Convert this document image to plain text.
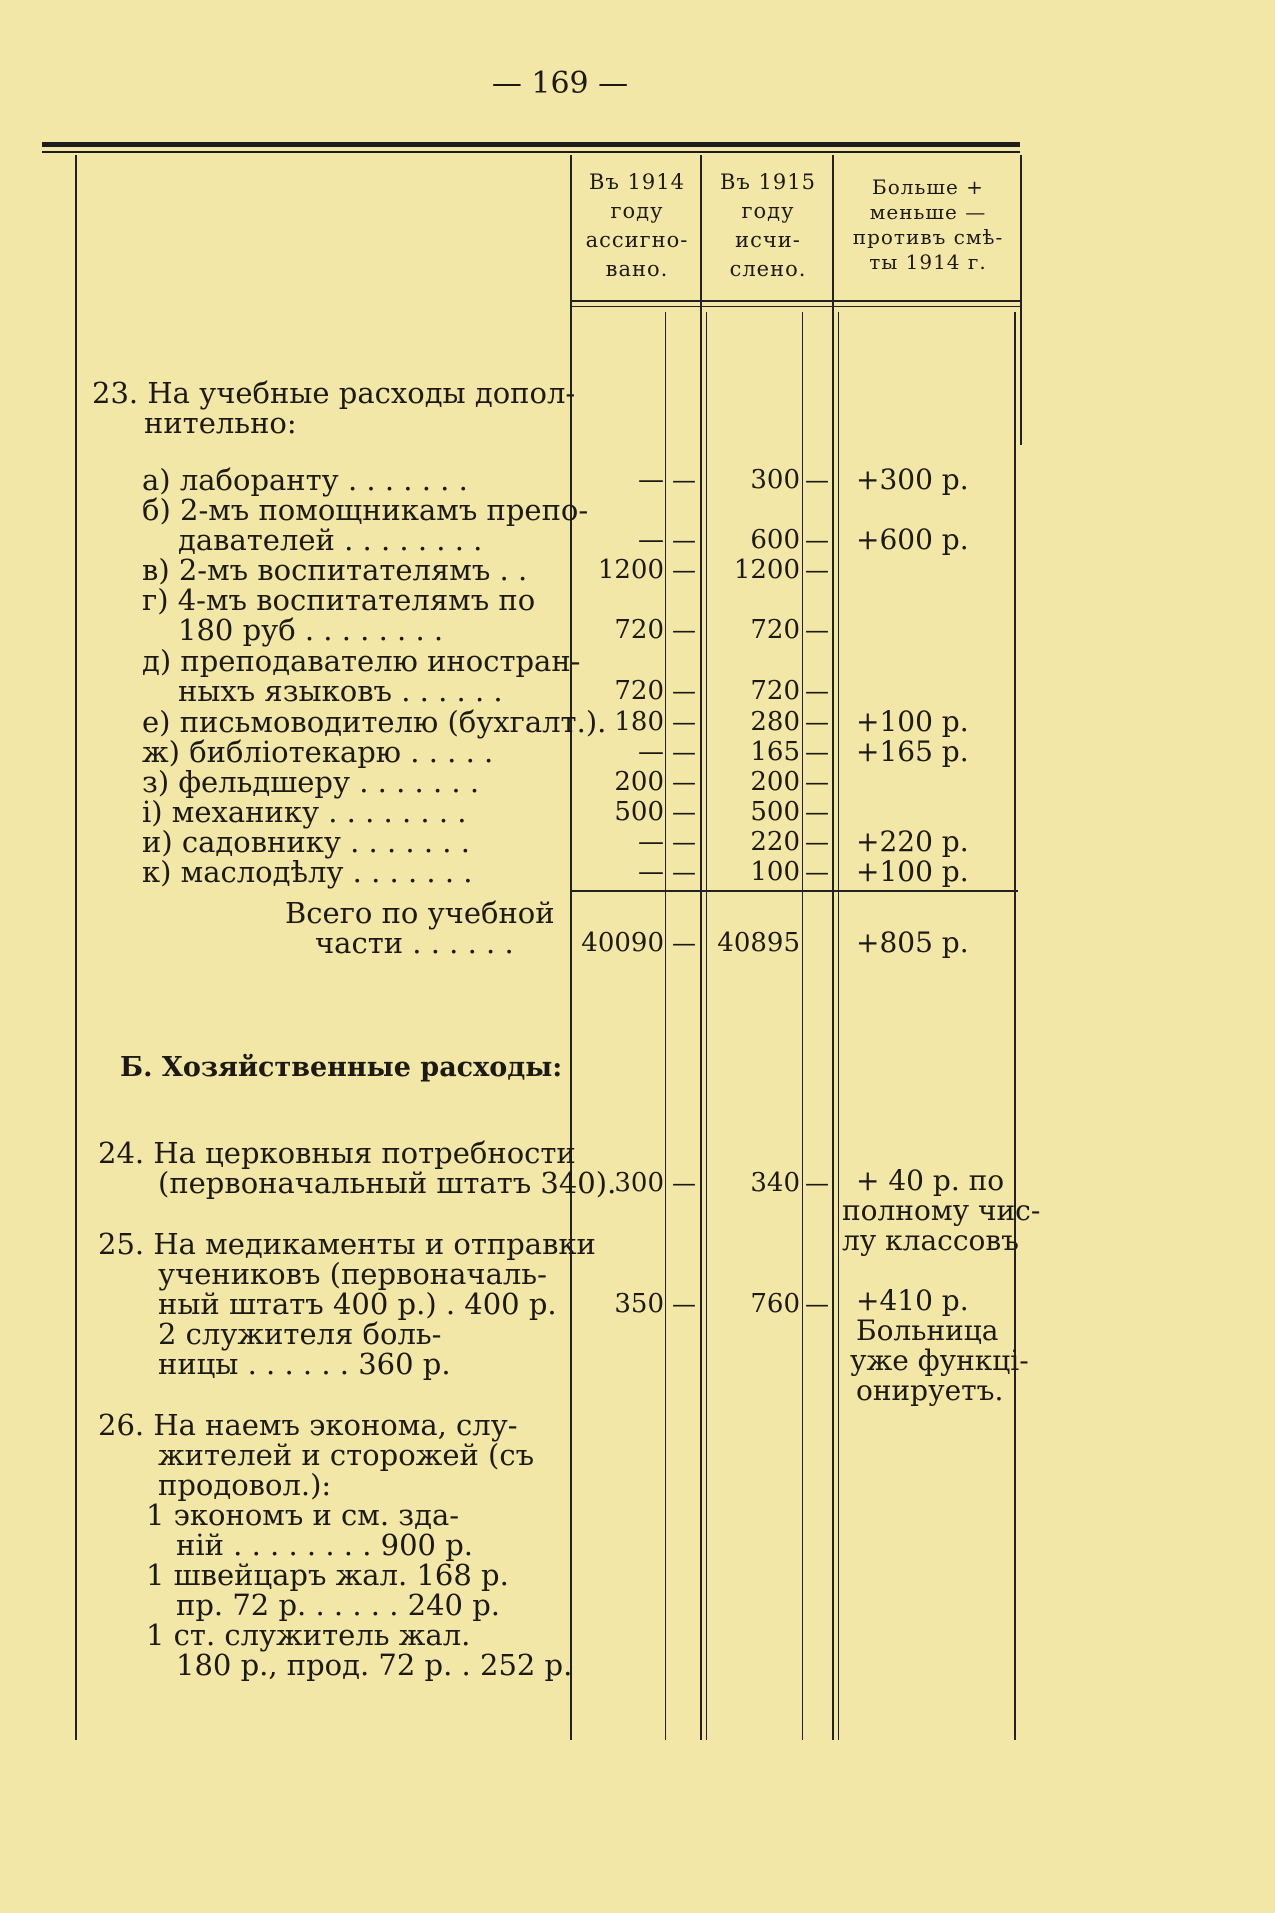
— 169 —
Въ 1914
году
ассигно-
вано.
Въ 1915
году
исчи-
слено.
Больше +
меньше —
противъ смѣ-
ты 1914 г.
23. На учебные расходы допол-
нительно:
а) лаборанту . . . . . . .	— —	300 — +300 р.
б) 2-мъ помощникамъ препо-
давателей . . . . . . . .	— —	600 — +600 р.
в) 2-мъ воспитателямъ . .	1200 —	1200 —
г) 4-мъ воспитателямъ по
180 руб . . . . . . . .	720 —	720 —
д) преподавателю иностран-
ныхъ языковъ . . . . . .	720 —	720 —
е) письмоводителю (бухгалт.). 180 —	280 — +100 р.
ж) библіотекарю . . . . .	— —	165 — +165 р.
з) фельдшеру . . . . . . .	200 —	200 —
і) механику . . . . . . . .	500 —	500 —
и) садовнику . . . . . . .	— —	220 — +220 р.
к) маслодѣлу . . . . . . .	— —	100 — +100 р.
Всего по учебной
части . . . . . .	40090 — 40895 +805 р.
Б. Хозяйственные расходы:
24. На церковныя потребности
(первоначальный штатъ 340).
300 —	340 — + 40 р. по
полному чис-
лу классовъ
25. На медикаменты и отправки
учениковъ (первоначаль-
ный штатъ 400 р.) . 400 р.
2 служителя боль-
ницы . . . . . . 360 р.
350 —	760 — +410 р.
Больница
уже функці-
онируетъ.
26. На наемъ эконома, слу-
жителей и сторожей (съ
продовол.):
1 экономъ и см. зда-
ній . . . . . . . . 900 р.
1 швейцаръ жал. 168 р.
пр. 72 р. . . . . . 240 р.
1 ст. служитель жал.
180 р., прод. 72 р. . 252 р.
